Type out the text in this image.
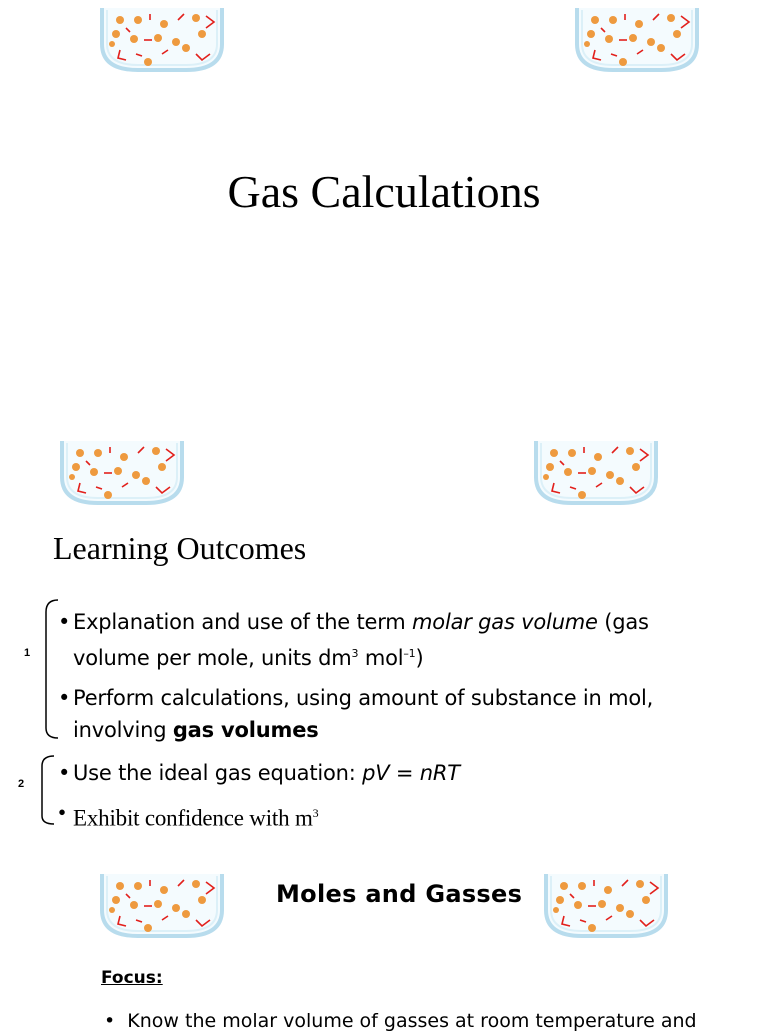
Gas Calculations
Learning Outcomes
1
• Explanation and use of the term molar gas volume (gas volume per mole, units $dm^3$ mol$^{-1}$)
• Perform calculations, using amount of substance in mol, involving gas volumes
2 • Use the ideal gas equation: pV = nRT
• Exhibit confidence with $m^3$
Moles and Gasses
Focus:
•  Know the molar volume of gasses at room temperature and
